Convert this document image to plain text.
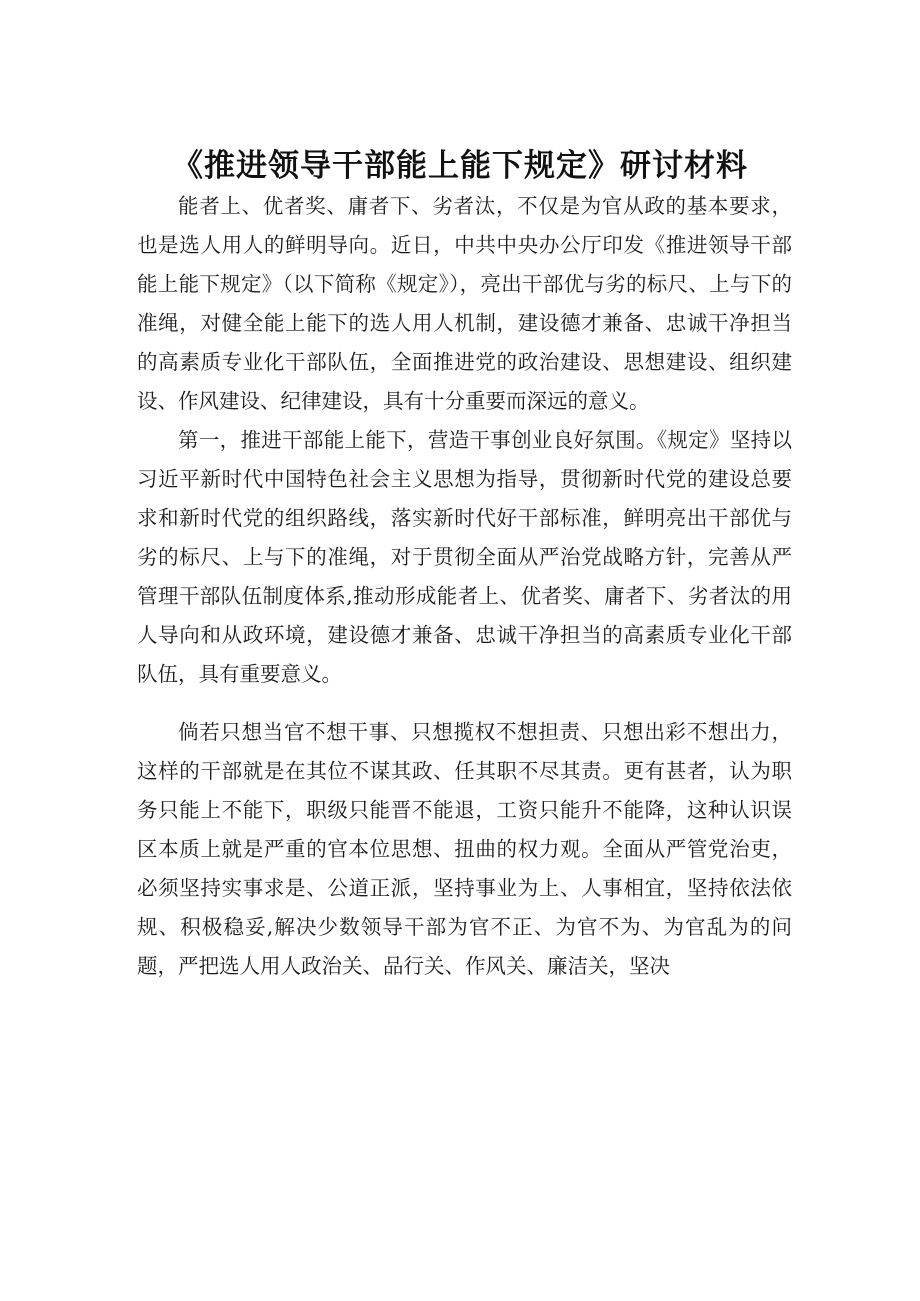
《推进领导干部能上能下规定》研讨材料

能者上、优者奖、庸者下、劣者汰，不仅是为官从政的基本要求，也是选人用人的鲜明导向。近日，中共中央办公厅印发《推进领导干部能上能下规定》（以下简称《规定》），亮出干部优与劣的标尺、上与下的准绳，对健全能上能下的选人用人机制，建设德才兼备、忠诚干净担当的高素质专业化干部队伍，全面推进党的政治建设、思想建设、组织建设、作风建设、纪律建设，具有十分重要而深远的意义。

第一，推进干部能上能下，营造干事创业良好氛围。《规定》坚持以习近平新时代中国特色社会主义思想为指导，贯彻新时代党的建设总要求和新时代党的组织路线，落实新时代好干部标准，鲜明亮出干部优与劣的标尺、上与下的准绳，对于贯彻全面从严治党战略方针，完善从严管理干部队伍制度体系,推动形成能者上、优者奖、庸者下、劣者汰的用人导向和从政环境，建设德才兼备、忠诚干净担当的高素质专业化干部队伍，具有重要意义。

倘若只想当官不想干事、只想揽权不想担责、只想出彩不想出力，这样的干部就是在其位不谋其政、任其职不尽其责。更有甚者，认为职务只能上不能下，职级只能晋不能退，工资只能升不能降，这种认识误区本质上就是严重的官本位思想、扭曲的权力观。全面从严管党治吏，必须坚持实事求是、公道正派，坚持事业为上、人事相宜，坚持依法依规、积极稳妥,解决少数领导干部为官不正、为官不为、为官乱为的问题，严把选人用人政治关、品行关、作风关、廉洁关，坚决
